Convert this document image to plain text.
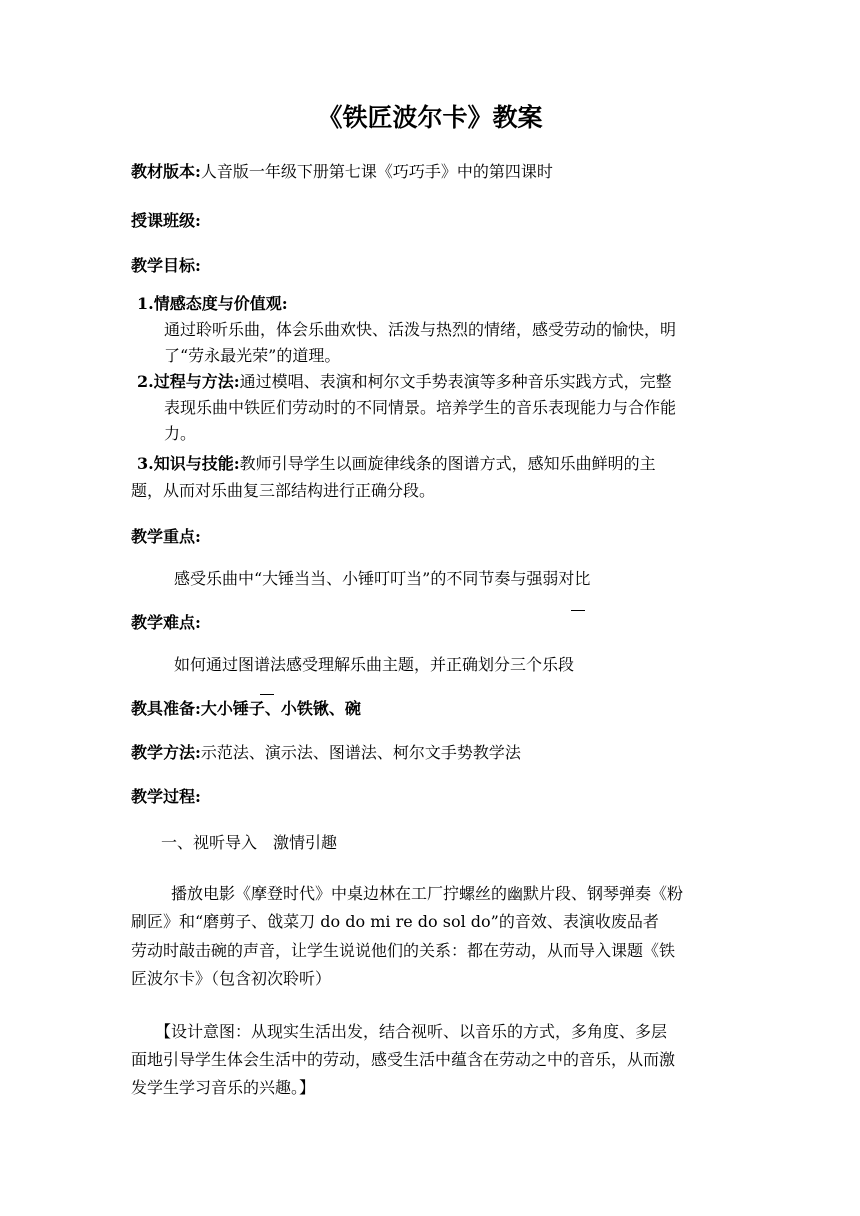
《铁匠波尔卡》教案
教材版本:人音版一年级下册第七课《巧巧手》中的第四课时
授课班级:
教学目标:
1.情感态度与价值观:
通过聆听乐曲，体会乐曲欢快、活泼与热烈的情绪，感受劳动的愉快，明
了“劳永最光荣”的道理。
2.过程与方法:通过模唱、表演和柯尔文手势表演等多种音乐实践方式，完整
表现乐曲中铁匠们劳动时的不同情景。培养学生的音乐表现能力与合作能
力。
3.知识与技能:教师引导学生以画旋律线条的图谱方式，感知乐曲鲜明的主
题，从而对乐曲复三部结构进行正确分段。
教学重点:
感受乐曲中“大锤当当、小锤叮叮当”的不同节奏与强弱对比
教学难点:
如何通过图谱法感受理解乐曲主题，并正确划分三个乐段
教具准备:大小锤子、小铁锹、碗
教学方法:示范法、演示法、图谱法、柯尔文手势教学法
教学过程:
一、视听导入　激情引趣
播放电影《摩登时代》中桌边林在工厂拧螺丝的幽默片段、钢琴弹奏《粉
刷匠》和“磨剪子、戗菜刀 do do mi re do sol do”的音效、表演收废品者
劳动时敲击碗的声音，让学生说说他们的关系：都在劳动，从而导入课题《铁
匠波尔卡》（包含初次聆听）
【设计意图：从现实生活出发，结合视听、以音乐的方式，多角度、多层
面地引导学生体会生活中的劳动，感受生活中蕴含在劳动之中的音乐，从而激
发学生学习音乐的兴趣。】
